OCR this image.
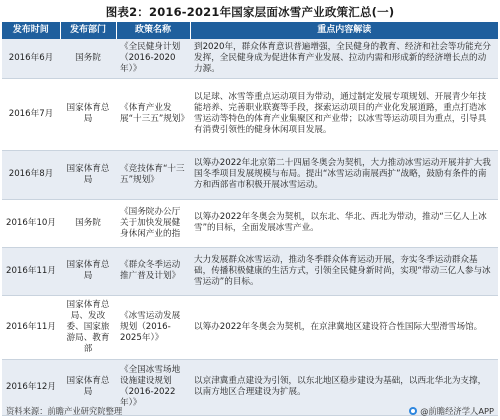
图表2：2016-2021年国家层面冰雪产业政策汇总(一)
发布时间	发布部门	政策名称	重点内容解读
2016年6月	国务院	《全民健身计划（2016-2020年）》	到2020年，群众体育意识普遍增强，全民健身的教育、经济和社会等功能充分发挥，全民健身成为促进体育产业发展、拉动内需和形成新的经济增长点的动力源。
2016年7月	国家体育总局	《体育产业发展“十三五”规划》	以足球、冰雪等重点运动项目为带动，通过制定发展专项规划、开展青少年技能培养、完善职业联赛等手段，探索运动项目的产业化发展道路，重点打造冰雪运动等特色的体育产业集聚区和产业带；以冰雪等运动项目为重点，引导具有消费引领性的健身休闲项目发展。
2016年8月	国家体育总局	《竞技体育“十三五”规划》	以筹办2022年北京第二十四届冬奥会为契机，大力推动冰雪运动开展并扩大我国冬季项目发展规模与布局。提出“冰雪运动南展西扩”战略，鼓励有条件的南方和西部省市积极开展冰雪运动。
2016年10月	国务院	《国务院办公厅关于加快发展健身休闲产业的指	以筹办2022年冬奥会为契机，以东北、华北、西北为带动，推动“三亿人上冰雪”的目标，全面发展冰雪产业。
2016年11月	国家体育总局	《群众冬季运动推广普及计划》	大力发展群众冰雪运动，推动冬季群众体育运动开展，夯实冬季运动群众基础，传播积极健康的生活方式，引领全民健身新时尚，实现“带动三亿人参与冰雪运动”的目标。
2016年11月	国家体育总局、发改委、国家旅游局、教育部	《冰雪运动发展规划（2016-2025年）》	以筹办2022年冬奥会为契机，在京津冀地区建设符合性国际大型滑雪场馆。
2016年12月	国家体育总局	《全国冰雪场地设施建设规划（2016-2022年）》	以京津冀重点建设为引领，以东北地区稳步建设为基础，以西北华北为支撑，以南方地区合理建设为扩展。
资料来源：前瞻产业研究院整理	@前瞻经济学人APP
